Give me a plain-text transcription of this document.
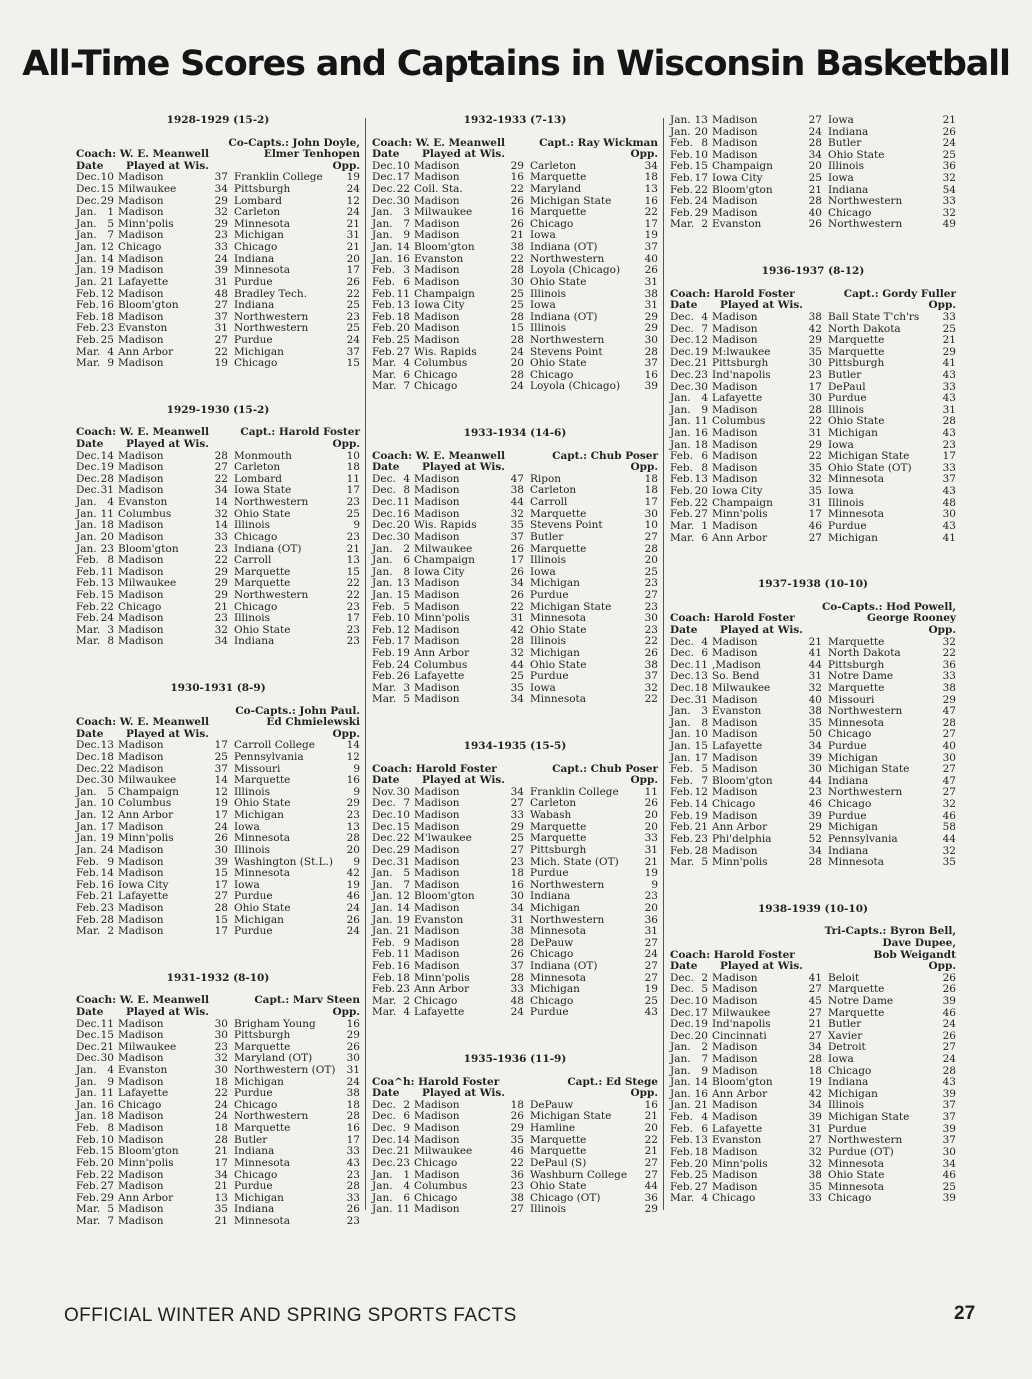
All-Time Scores and Captains in Wisconsin Basketball
1928-1929 (15-2)
Co-Capts.: John Doyle,
Coach: W. E. Meanwell	Elmer Tenhopen
Date Played at Wis.	Opp.
Dec. 10 Madison	37 Franklin College 19
Dec. 15 Milwaukee	34 Pittsburgh	24
Dec. 29 Madison	29 Lombard	12
Jan.	1 Madison	32 Carleton	24
Jan.	5 Minn'polis	29 Minnesota	21
Jan.	7 Madison	23 Michigan	31
Jan. 12 Chicago	33 Chicago	21
Jan. 14 Madison	24 Indiana	20
Jan. 19 Madison	39 Minnesota	17
Jan. 21 Lafayette	31 Purdue	26
Feb. 12 Madison	48 Bradley Tech.	22
Feb. 16 Bloom'gton	27 Indiana	25
Feb. 18 Madison	37 Northwestern	23
Feb. 23 Evanston	31 Northwestern	25
Feb. 25 Madison	27 Purdue	24
Mar. 4 Ann Arbor	22 Michigan	37
Mar. 9 Madison	19 Chicago	15
1929-1930 (15-2)
Coach: W. E. Meanwell	Capt.: Harold Foster
Date Played at Wis.	Opp.
Dec. 14 Madison	28 Monmouth	10
Dec. 19 Madison	27 Carleton	18
Dec. 28 Madison	22 Lombard	11
Dec. 31 Madison	34 Iowa State	17
Jan.	4 Evanston	14 Northwestern	23
Jan. 11 Columbus	32 Ohio State	25
Jan. 18 Madison	14 Illinois	9
Jan. 20 Madison	33 Chicago	23
Jan. 23 Bloom'gton	23 Indiana (OT)	21
Feb. 8 Madison	22 Carroll	13
Feb. 11 Madison	29 Marquette	15
Feb. 13 Milwaukee	29 Marquette	22
Feb. 15 Madison	29 Northwestern	22
Feb. 22 Chicago	21 Chicago	23
Feb. 24 Madison	23 Illinois	17
Mar. 3 Madison	32 Ohio State	23
Mar. 8 Madison	34 Indiana	23
1930-1931 (8-9)
Co-Capts.: John Paul.
Coach: W. E. Meanwell	Ed Chmielewski
Date Played at Wis.	Opp.
Dec. 13 Madison	17 Carroll College	14
Dec. 18 Madison	25 Pennsylvania	12
Dec. 22 Madison	37 Missouri	9
Dec. 30 Milwaukee	14 Marquette	16
Jan.	5 Champaign	12 Illinois	9
Jan. 10 Columbus	19 Ohio State	29
Jan. 12 Ann Arbor	17 Michigan	23
Jan. 17 Madison	24 Iowa	13
Jan. 19 Minn'polis	26 Minnesota	28
Jan. 24 Madison	30 Illinois	20
Feb. 9 Madison	39 Washington (St.L.) 9
Feb. 14 Madison	15 Minnesota	42
Feb. 16 Iowa City	17 Iowa	19
Feb. 21 Lafayette	27 Purdue	46
Feb. 23 Madison	28 Ohio State	24
Feb. 28 Madison	15 Michigan	26
Mar. 2 Madison	17 Purdue	24
1931-1932 (8-10)
Coach: W. E. Meanwell	Capt.: Marv Steen
Date Played at Wis.	Opp.
Dec. 11 Madison	30 Brigham Young	16
Dec. 15 Madison	30 Pittsburgh	29
Dec. 21 Milwaukee	23 Marquette	26
Dec. 30 Madison	32 Maryland (OT)	30
Jan.	4 Evanston	30 Northwestern (OT) 31
Jan.	9 Madison	18 Michigan	24
Jan. 11 Lafayette	22 Purdue	38
Jan. 16 Chicago	24 Chicago	18
Jan. 18 Madison	24 Northwestern	28
Feb. 8 Madison	18 Marquette	16
Feb. 10 Madison	28 Butler	17
Feb. 15 Bloom'gton	21 Indiana	33
Feb. 20 Minn'polis	17 Minnesota	43
Feb. 22 Madison	34 Chicago	23
Feb. 27 Madison	21 Purdue	28
Feb. 29 Ann Arbor	13 Michigan	33
Mar. 5 Madison	35 Indiana	26
Mar. 7 Madison	21 Minnesota	23
1932-1933 (7-13)
Coach: W. E. Meanwell	Capt.: Ray Wickman
Date Played at Wis.	Opp.
Dec. 10 Madison	29 Carleton	34
Dec. 17 Madison	16 Marquette	18
Dec. 22 Coll. Sta.	22 Maryland	13
Dec. 30 Madison	26 Michigan State	16
Jan.	3 Milwaukee	16 Marquette	22
Jan.	7 Madison	26 Chicago	17
Jan.	9 Madison	21 Iowa	19
Jan. 14 Bloom'gton	38 Indiana (OT)	37
Jan. 16 Evanston	22 Northwestern	40
Feb. 3 Madison	28 Loyola (Chicago) 26
Feb. 6 Madison	30 Ohio State	31
Feb. 11 Champaign	25 Illinois	38
Feb. 13 Iowa City	25 Iowa	31
Feb. 18 Madison	28 Indiana (OT)	29
Feb. 20 Madison	15 Illinois	29
Feb. 25 Madison	28 Northwestern	30
Feb. 27 Wis. Rapids	24 Stevens Point	28
Mar. 4 Columbus	20 Ohio State	37
Mar. 6 Chicago	28 Chicago	16
Mar. 7 Chicago	24 Loyola (Chicago) 39
1933-1934 (14-6)
Coach: W. E. Meanwell	Capt.: Chub Poser
Date Played at Wis.	Opp.
Dec. 4 Madison	47 Ripon	18
Dec. 8 Madison	38 Carleton	18
Dec. 11 Madison	44 Carroll	17
Dec. 16 Madison	32 Marquette	30
Dec. 20 Wis. Rapids	35 Stevens Point	10
Dec. 30 Madison	37 Butler	27
Jan.	2 Milwaukee	26 Marquette	28
Jan.	6 Champaign	17 Illinois	20
Jan.	8 Iowa City	26 Iowa	25
Jan. 13 Madison	34 Michigan	23
Jan. 15 Madison	26 Purdue	27
Feb. 5 Madison	22 Michigan State	23
Feb. 10 Minn'polis	31 Minnesota	30
Feb. 12 Madison	42 Ohio State	23
Feb. 17 Madison	28 Illinois	22
Feb. 19 Ann Arbor	32 Michigan	26
Feb. 24 Columbus	44 Ohio State	38
Feb. 26 Lafayette	25 Purdue	37
Mar. 3 Madison	35 Iowa	32
Mar. 5 Madison	34 Minnesota	22
1934-1935 (15-5)
Coach: Harold Foster	Capt.: Chub Poser
Date Played at Wis.	Opp.
Nov. 30 Madison	34 Franklin College 11
Dec. 7 Madison	27 Carleton	26
Dec. 10 Madison	33 Wabash	20
Dec. 15 Madison	29 Marquette	20
Dec. 22 M'lwaukee	25 Marquette	33
Dec. 29 Madison	27 Pittsburgh	31
Dec. 31 Madison	23 Mich. State (OT) 21
Jan.	5 Madison	18 Purdue	19
Jan.	7 Madison	16 Northwestern	9
Jan. 12 Bloom'gton	30 Indiana	23
Jan. 14 Madison	34 Michigan	20
Jan. 19 Evanston	31 Northwestern	36
Jan. 21 Madison	38 Minnesota	31
Feb. 9 Madison	28 DePauw	27
Feb. 11 Madison	26 Chicago	24
Feb. 16 Madison	37 Indiana (OT)	27
Feb. 18 Minn'polis	28 Minnesota	27
Feb. 23 Ann Arbor	33 Michigan	19
Mar. 2 Chicago	48 Chicago	25
Mar. 4 Lafayette	24 Purdue	43
1935-1936 (11-9)
Coa^h: Harold Foster	Capt.: Ed Stege
Date Played at Wis.	Opp.
Dec. 2 Madison	18 DePauw	16
Dec. 6 Madison	26 Michigan State	21
Dec. 9 Madison	29 Hamline	20
Dec. 14 Madison	35 Marquette	22
Dec. 21 Milwaukee	46 Marquette	21
Dec. 23 Chicago	22 DePaul (S)	27
Jan.	1 Madison	36 Washburn College 27
Jan.	4 Columbus	23 Ohio State	44
Jan.	6 Chicago	38 Chicago (OT)	36
Jan. 11 Madison	27 Illinois	29
Jan. 13 Madison	27 Iowa	21
Jan. 20 Madison	24 Indiana	26
Feb. 8 Madison	28 Butler	24
Feb. 10 Madison	34 Ohio State	25
Feb. 15 Champaign	20 Illinois	36
Feb. 17 Iowa City	25 Iowa	32
Feb. 22 Bloom'gton	21 Indiana	54
Feb. 24 Madison	28 Northwestern	33
Feb. 29 Madison	40 Chicago	32
Mar. 2 Evanston	26 Northwestern	49
1936-1937 (8-12)
Coach: Harold Foster	Capt.: Gordy Fuller
Date Played at Wis.	Opp.
Dec. 4 Madison	38 Ball State T'ch'rs 33
Dec. 7 Madison	42 North Dakota	25
Dec. 12 Madison	29 Marquette	21
Dec. 19 M:lwaukee	35 Marquette	29
Dec. 21 Pittsburgh	30 Pittsburgh	41
Dec. 23 Ind'napolis	23 Butler	43
Dec. 30 Madison	17 DePaul	33
Jan.	4 Lafayette	30 Purdue	43
Jan.	9 Madison	28 Illinois	31
Jan. 11 Columbus	22 Ohio State	28
Jan. 16 Madison	31 Michigan	43
Jan. 18 Madison	29 Iowa	23
Feb. 6 Madison	22 Michigan State	17
Feb. 8 Madison	35 Ohio State (OT)	33
Feb. 13 Madison	32 Minnesota	37
Feb. 20 Iowa City	35 Iowa	43
Feb. 22 Champaign	31 Illinois	48
Feb. 27 Minn'polis	17 Minnesota	30
Mar. 1 Madison	46 Purdue	43
Mar. 6 Ann Arbor	27 Michigan	41
1937-1938 (10-10)
Co-Capts.: Hod Powell,
Coach: Harold Foster	George Rooney
Date Played at Wis.	Opp.
Dec. 4 Madison	21 Marquette	32
Dec. 6 Madison	41 North Dakota	22
Dec. 11 ,Madison	44 Pittsburgh	36
Dec. 13 So. Bend	31 Notre Dame	33
Dec. 18 Milwaukee	32 Marquette	38
Dec. 31 Madison	40 Missouri	29
Jan.	3 Evanston	38 Northwestern	47
Jan.	8 Madison	35 Minnesota	28
Jan. 10 Madison	50 Chicago	27
Jan. 15 Lafayette	34 Purdue	40
Jan. 17 Madison	39 Michigan	30
Feb. 5 Madison	30 Michigan State	27
Feb. 7 Bloom'gton	44 Indiana	47
Feb. 12 Madison	23 Northwestern	27
Feb. 14 Chicago	46 Chicago	32
Feb. 19 Madison	39 Purdue	46
Feb. 21 Ann Arbor	29 Michigan	58
Feb. 23 Phi'delphia	52 Pennsylvania	44
Feb. 28 Madison	34 Indiana	32
Mar. 5 Minn'polis	28 Minnesota	35
1938-1939 (10-10)
Tri-Capts.: Byron Bell,
Dave Dupee,
Coach: Harold Foster	Bob Weigandt
Date Played at Wis.	Opp.
Dec. 2 Madison	41 Beloit	26
Dec. 5 Madison	27 Marquette	26
Dec. 10 Madison	45 Notre Dame	39
Dec. 17 Milwaukee	27 Marquette	46
Dec. 19 Ind'napolis	21 Butler	24
Dec. 20 Cincinnati	27 Xavier	26
Jan.	2 Madison	34 Detroit	27
Jan.	7 Madison	28 Iowa	24
Jan.	9 Madison	18 Chicago	28
Jan. 14 Bloom'gton	19 Indiana	43
Jan. 16 Ann Arbor	42 Michigan	39
Jan. 21 Madison	34 Illinois	37
Feb. 4 Madison	39 Michigan State	37
Feb. 6 Lafayette	31 Purdue	39
Feb. 13 Evanston	27 Northwestern	37
Feb. 18 Madison	32 Purdue (OT)	30
Feb. 20 Minn'polis	32 Minnesota	34
Feb. 25 Madison	38 Ohio State	46
Feb. 27 Madison	35 Minnesota	25
Mar. 4 Chicago	33 Chicago	39
OFFICIAL WINTER AND SPRING SPORTS FACTS	27
